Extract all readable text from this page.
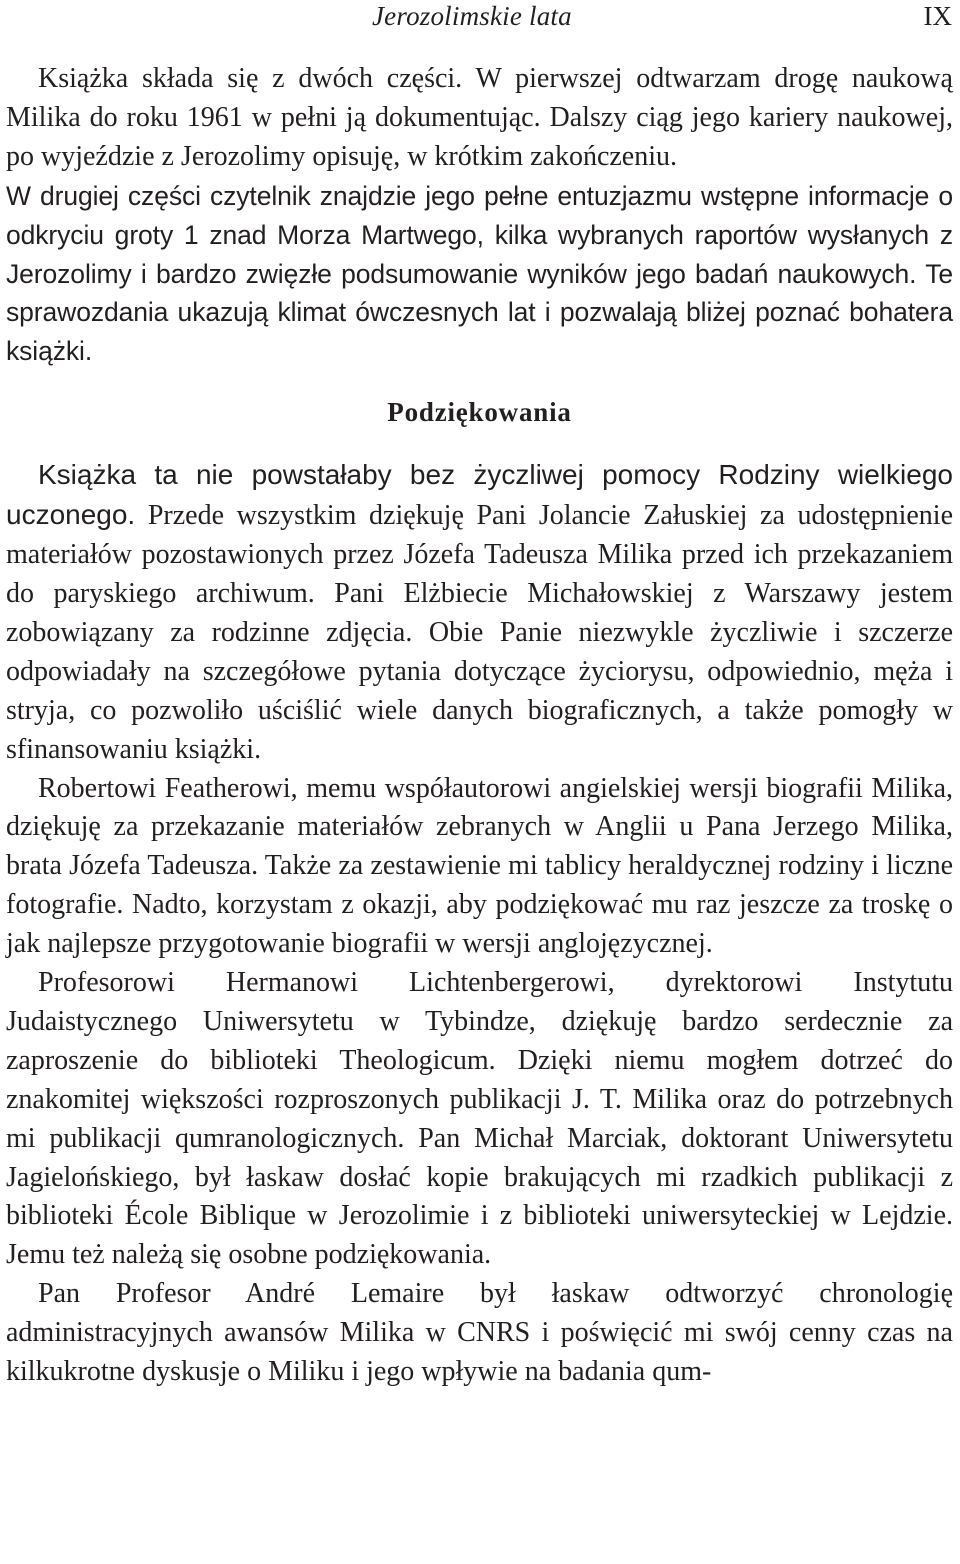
Jerozolimskie lata	IX

Książka składa się z dwóch części. W pierwszej odtwarzam drogę naukową Milika do roku 1961 w pełni ją dokumentując. Dalszy ciąg jego kariery naukowej, po wyjeździe z Jerozolimy opisuję, w krótkim zakończeniu.

W drugiej części czytelnik znajdzie jego pełne entuzjazmu wstępne informacje o odkryciu groty 1 znad Morza Martwego, kilka wybranych raportów wysłanych z Jerozolimy i bardzo zwięzłe podsumowanie wyników jego badań naukowych. Te sprawozdania ukazują klimat ówczesnych lat i pozwalają bliżej poznać bohatera książki.

Podziękowania

Książka ta nie powstałaby bez życzliwej pomocy Rodziny wielkiego uczonego. Przede wszystkim dziękuję Pani Jolancie Załuskiej za udostępnienie materiałów pozostawionych przez Józefa Tadeusza Milika przed ich przekazaniem do paryskiego archiwum. Pani Elżbiecie Michałowskiej z Warszawy jestem zobowiązany za rodzinne zdjęcia. Obie Panie niezwykle życzliwie i szczerze odpowiadały na szczegółowe pytania dotyczące życiorysu, odpowiednio, męża i stryja, co pozwoliło uściślić wiele danych biograficznych, a także pomogły w sfinansowaniu książki.

Robertowi Featherowi, memu współautorowi angielskiej wersji biografii Milika, dziękuję za przekazanie materiałów zebranych w Anglii u Pana Jerzego Milika, brata Józefa Tadeusza. Także za zestawienie mi tablicy heraldycznej rodziny i liczne fotografie. Nadto, korzystam z okazji, aby podziękować mu raz jeszcze za troskę o jak najlepsze przygotowanie biografii w wersji anglojęzycznej.

Profesorowi Hermanowi Lichtenbergerowi, dyrektorowi Instytutu Judaistycznego Uniwersytetu w Tybindze, dziękuję bardzo serdecznie za zaproszenie do biblioteki Theologicum. Dzięki niemu mogłem dotrzeć do znakomitej większości rozproszonych publikacji J. T. Milika oraz do potrzebnych mi publikacji qumranologicznych. Pan Michał Marciak, doktorant Uniwersytetu Jagielońskiego, był łaskaw dosłać kopie brakujących mi rzadkich publikacji z biblioteki École Biblique w Jerozolimie i z biblioteki uniwersyteckiej w Lejdzie. Jemu też należą się osobne podziękowania.

Pan Profesor André Lemaire był łaskaw odtworzyć chronologię administracyjnych awansów Milika w CNRS i poświęcić mi swój cenny czas na kilkukrotne dyskusje o Miliku i jego wpływie na badania qum-
